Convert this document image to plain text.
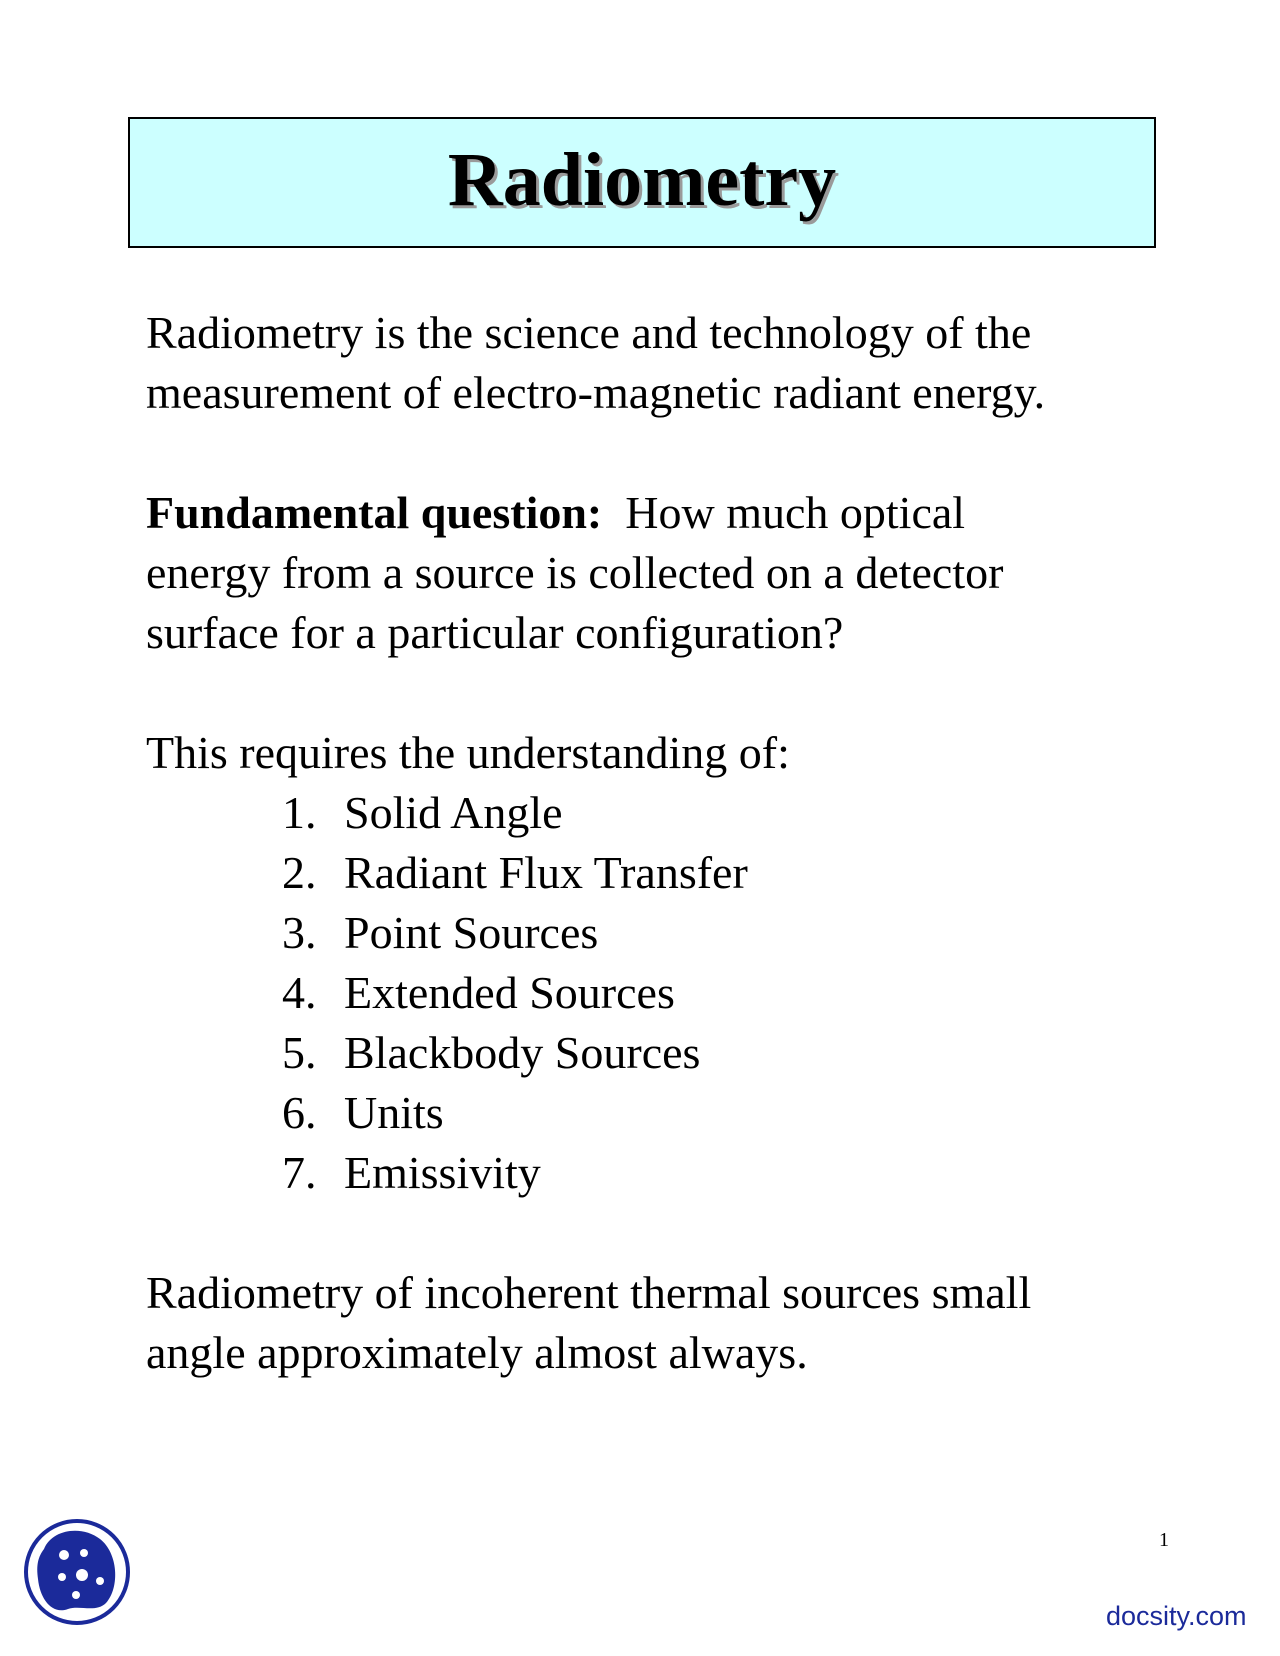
Radiometry

Radiometry is the science and technology of the
measurement of electro-magnetic radiant energy.

Fundamental question: How much optical
energy from a source is collected on a detector
surface for a particular configuration?

This requires the understanding of:

1. Solid Angle
2. Radiant Flux Transfer
3. Point Sources
4. Extended Sources
5. Blackbody Sources
6. Units
7. Emissivity

Radiometry of incoherent thermal sources small
angle approximately almost always.

1
docsity.com
